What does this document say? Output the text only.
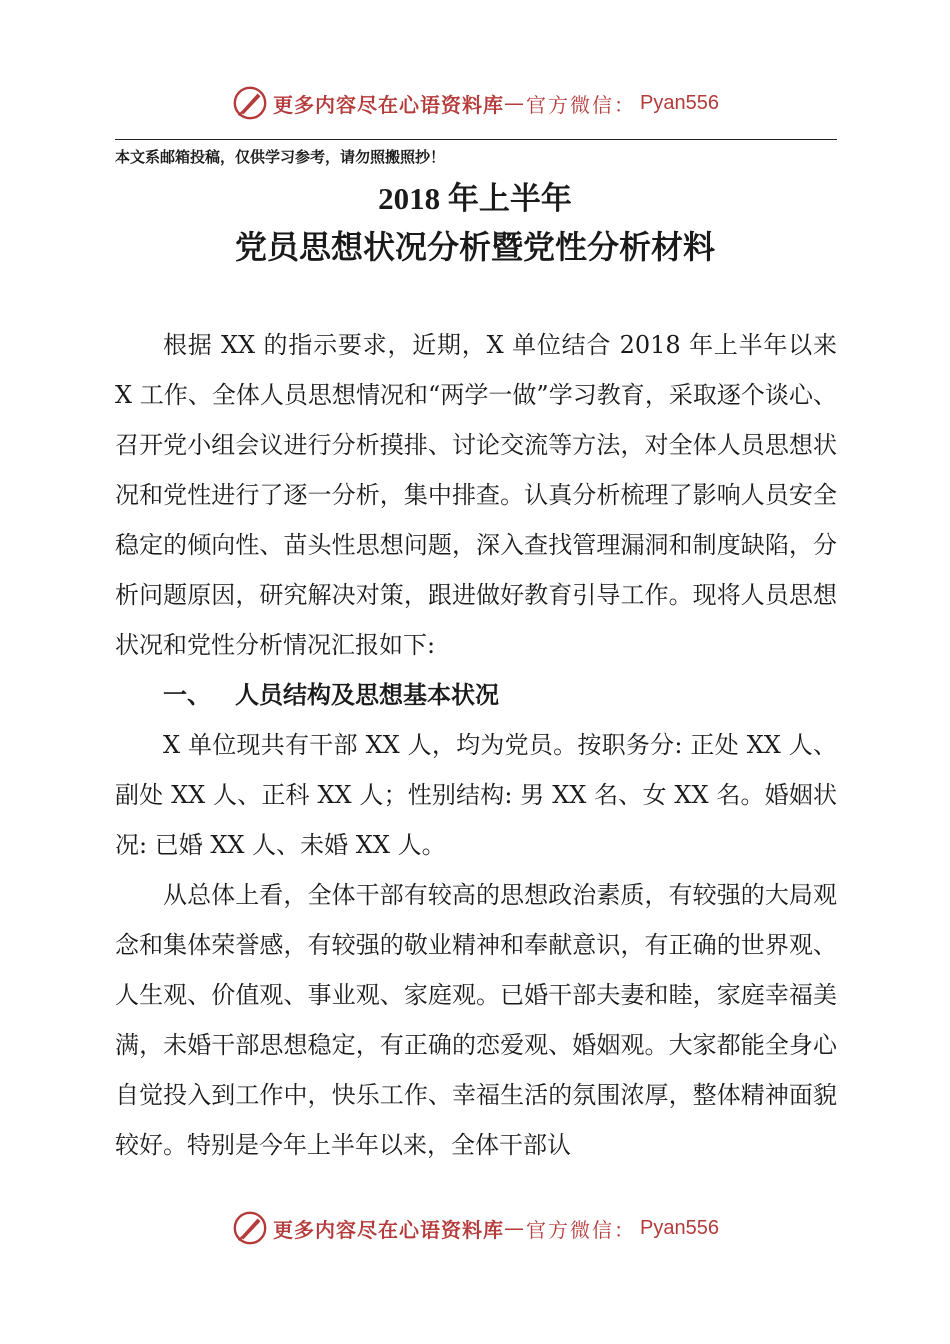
更多内容尽在心语资料库 — 官方微信： Pyan556
本文系邮箱投稿，仅供学习参考，请勿照搬照抄！
2018 年上半年
党员思想状况分析暨党性分析材料

根据 XX 的指示要求，近期，X 单位结合 2018 年上半年以来 X 工作、全体人员思想情况和“两学一做”学习教育，采取逐个谈心、召开党小组会议进行分析摸排、讨论交流等方法，对全体人员思想状况和党性进行了逐一分析，集中排查。认真分析梳理了影响人员安全稳定的倾向性、苗头性思想问题，深入查找管理漏洞和制度缺陷，分析问题原因，研究解决对策，跟进做好教育引导工作。现将人员思想状况和党性分析情况汇报如下:

一、 人员结构及思想基本状况

X 单位现共有干部 XX 人，均为党员。按职务分: 正处 XX 人、副处 XX 人、正科 XX 人；性别结构: 男 XX 名、女 XX 名。婚姻状况: 已婚 XX 人、未婚 XX 人。

从总体上看，全体干部有较高的思想政治素质，有较强的大局观念和集体荣誉感，有较强的敬业精神和奉献意识，有正确的世界观、人生观、价值观、事业观、家庭观。已婚干部夫妻和睦，家庭幸福美满，未婚干部思想稳定，有正确的恋爱观、婚姻观。大家都能全身心自觉投入到工作中，快乐工作、幸福生活的氛围浓厚，整体精神面貌较好。特别是今年上半年以来，全体干部认

更多内容尽在心语资料库 — 官方微信： Pyan556
